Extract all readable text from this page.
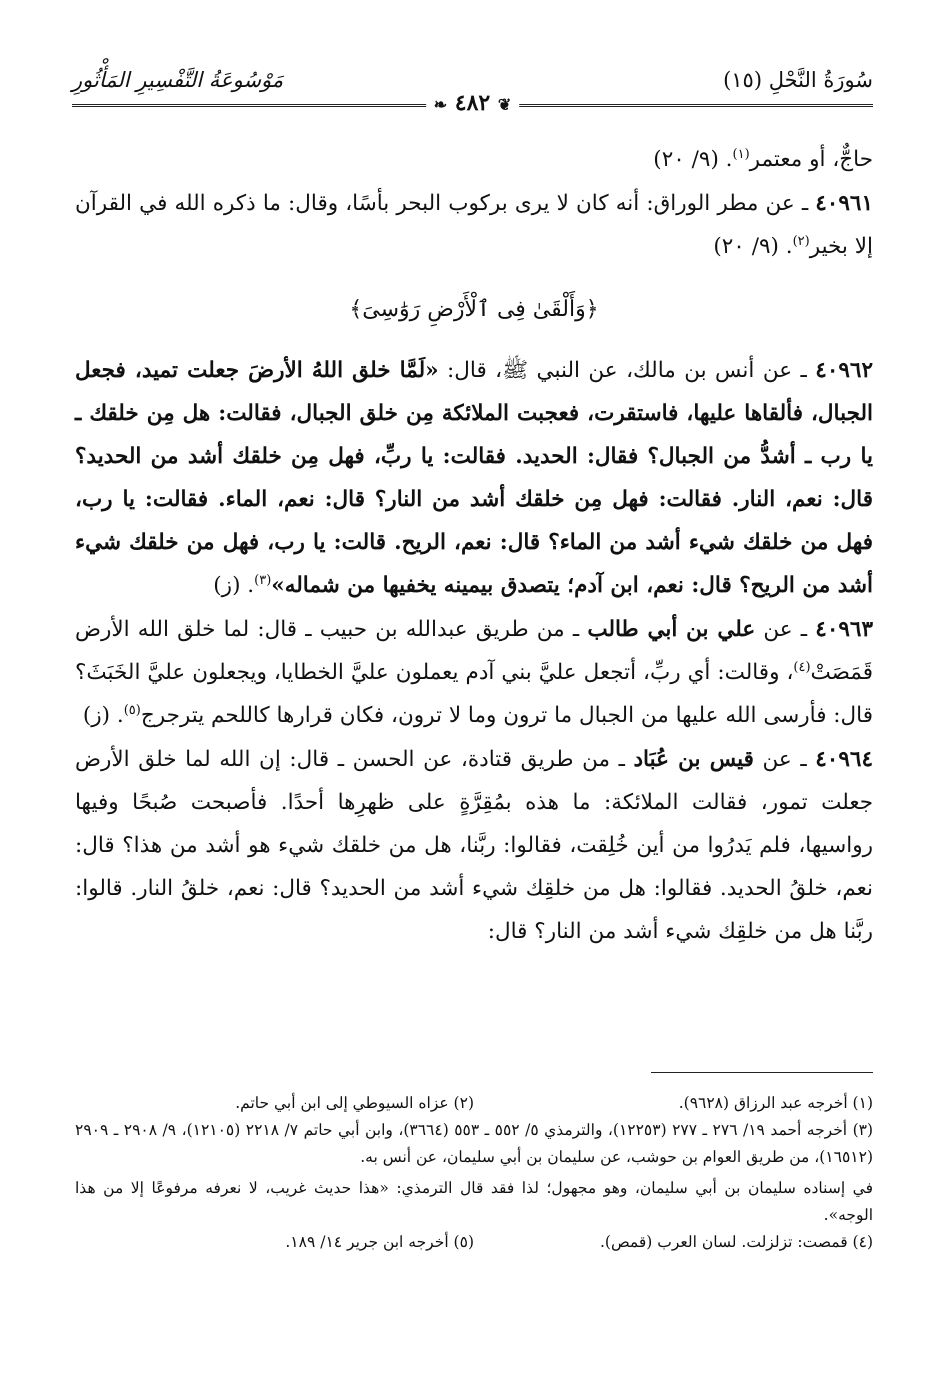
سُورَةُ النَّحْلِ (١٥)
مَوْسُوعَةُ التَّفْسِيرِ المَأْثُورِ
❦ ٤٨٢ ❧

حاجٌّ، أو معتمر$^{(١)}$. (٩/ ٢٠)

٤٠٩٦١ ـ عن مطر الوراق: أنه كان لا يرى بركوب البحر بأسًا، وقال: ما ذكره الله في القرآن إلا بخير$^{(٢)}$. (٩/ ٢٠)

﴿وَأَلْقَىٰ فِى ٱلْأَرْضِ رَوَٰسِىَ﴾

٤٠٩٦٢ ـ عن أنس بن مالك، عن النبي ﷺ، قال: «لَمَّا خلق اللهُ الأرضَ جعلت تميد، فجعل الجبال، فألقاها عليها، فاستقرت، فعجبت الملائكة مِن خلق الجبال، فقالت: هل مِن خلقك ـ يا رب ـ أشدُّ من الجبال؟ فقال: الحديد. فقالت: يا ربِّ، فهل مِن خلقك أشد من الحديد؟ قال: نعم، النار. فقالت: فهل مِن خلقك أشد من النار؟ قال: نعم، الماء. فقالت: يا رب، فهل من خلقك شيء أشد من الماء؟ قال: نعم، الريح. قالت: يا رب، فهل من خلقك شيء أشد من الريح؟ قال: نعم، ابن آدم؛ يتصدق بيمينه يخفيها من شماله»$^{(٣)}$. (ز)

٤٠٩٦٣ ـ عن علي بن أبي طالب ـ من طريق عبدالله بن حبيب ـ قال: لما خلق الله الأرض قَمَصَتْ$^{(٤)}$، وقالت: أي ربِّ، أتجعل عليَّ بني آدم يعملون عليَّ الخطايا، ويجعلون عليَّ الخَبَثَ؟ قال: فأرسى الله عليها من الجبال ما ترون وما لا ترون، فكان قرارها كاللحم يترجرج$^{(٥)}$. (ز)

٤٠٩٦٤ ـ عن قيس بن عُبَاد ـ من طريق قتادة، عن الحسن ـ قال: إن الله لما خلق الأرض جعلت تمور، فقالت الملائكة: ما هذه بمُقِرَّةٍ على ظهرِها أحدًا. فأصبحت صُبحًا وفيها رواسيها، فلم يَدرُوا من أين خُلِقت، فقالوا: ربَّنا، هل من خلقك شيء هو أشد من هذا؟ قال: نعم، خلقُ الحديد. فقالوا: هل من خلقِك شيء أشد من الحديد؟ قال: نعم، خلقُ النار. قالوا: ربَّنا هل من خلقِك شيء أشد من النار؟ قال:

(١) أخرجه عبد الرزاق (٩٦٢٨).
(٢) عزاه السيوطي إلى ابن أبي حاتم.
(٣) أخرجه أحمد ١٩/ ٢٧٦ ـ ٢٧٧ (١٢٢٥٣)، والترمذي ٥/ ٥٥٢ ـ ٥٥٣ (٣٦٦٤)، وابن أبي حاتم ٧/ ٢٢١٨ (١٢١٠٥)، ٩/ ٢٩٠٨ ـ ٢٩٠٩ (١٦٥١٢)، من طريق العوام بن حوشب، عن سليمان بن أبي سليمان، عن أنس به.
في إسناده سليمان بن أبي سليمان، وهو مجهول؛ لذا فقد قال الترمذي: «هذا حديث غريب، لا نعرفه مرفوعًا إلا من هذا الوجه».
(٤) قمصت: تزلزلت. لسان العرب (قمص).
(٥) أخرجه ابن جرير ١٤/ ١٨٩.
